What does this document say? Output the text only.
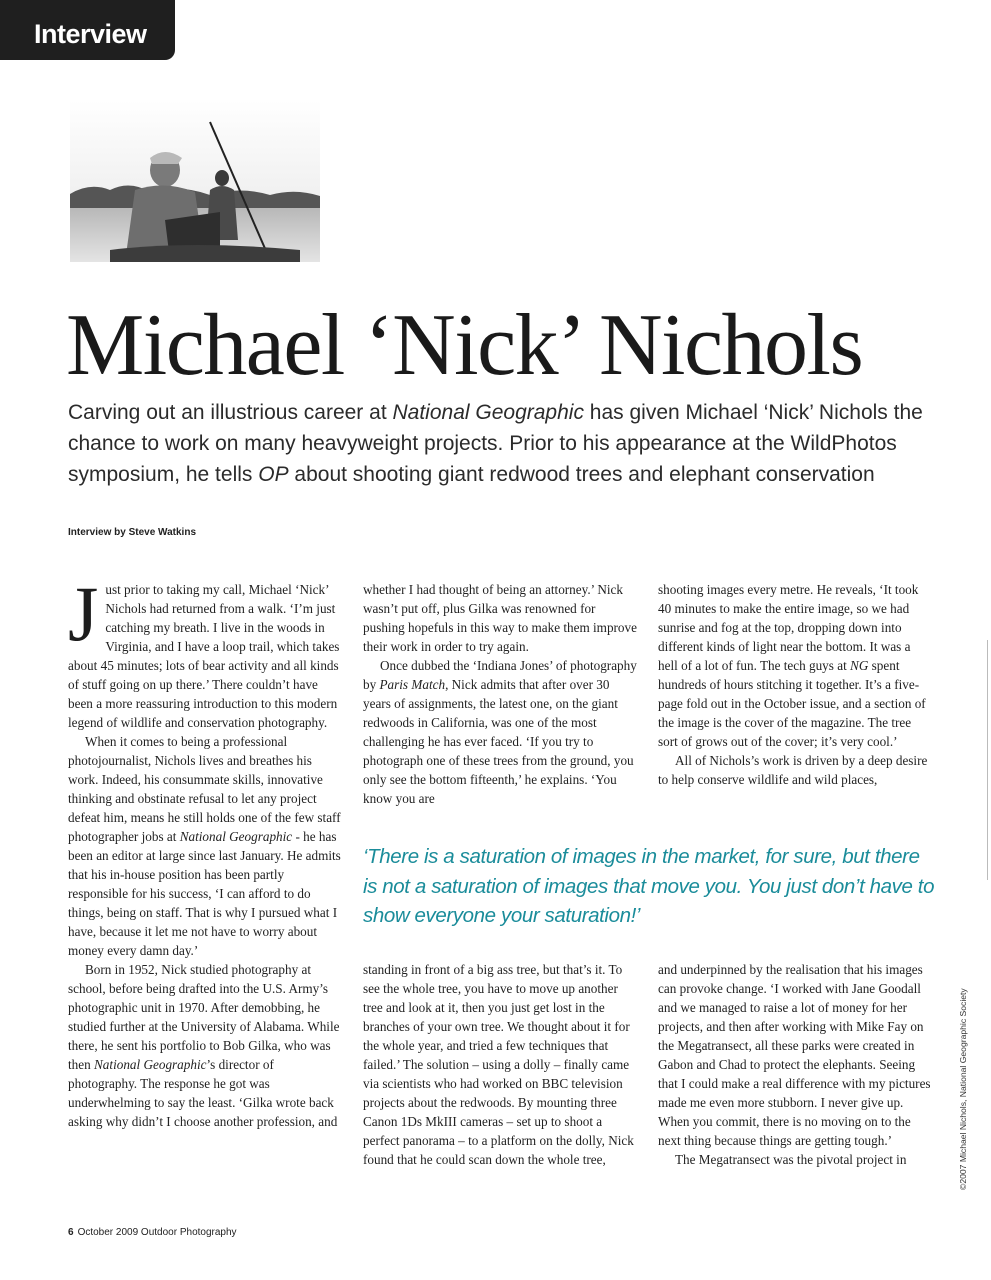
Interview
Michael ‘Nick’ Nichols

Carving out an illustrious career at National Geographic has given Michael ‘Nick’ Nichols the chance to work on many heavyweight projects. Prior to his appearance at the WildPhotos symposium, he tells OP about shooting giant redwood trees and elephant conservation

Interview by Steve Watkins

Just prior to taking my call, Michael ‘Nick’ Nichols had returned from a walk. ‘I’m just catching my breath. I live in the woods in Virginia, and I have a loop trail, which takes about 45 minutes; lots of bear activity and all kinds of stuff going on up there.’ There couldn’t have been a more reassuring introduction to this modern legend of wildlife and conservation photography.

When it comes to being a professional photojournalist, Nichols lives and breathes his work. Indeed, his consummate skills, innovative thinking and obstinate refusal to let any project defeat him, means he still holds one of the few staff photographer jobs at National Geographic - he has been an editor at large since last January. He admits that his in-house position has been partly responsible for his success, ‘I can afford to do things, being on staff. That is why I pursued what I have, because it let me not have to worry about money every damn day.’

Born in 1952, Nick studied photography at school, before being drafted into the U.S. Army’s photographic unit in 1970. After demobbing, he studied further at the University of Alabama. While there, he sent his portfolio to Bob Gilka, who was then National Geographic’s director of photography. The response he got was underwhelming to say the least. ‘Gilka wrote back asking why didn’t I choose another profession, and

whether I had thought of being an attorney.’ Nick wasn’t put off, plus Gilka was renowned for pushing hopefuls in this way to make them improve their work in order to try again.

Once dubbed the ‘Indiana Jones’ of photography by Paris Match, Nick admits that after over 30 years of assignments, the latest one, on the giant redwoods in California, was one of the most challenging he has ever faced. ‘If you try to photograph one of these trees from the ground, you only see the bottom fifteenth,’ he explains. ‘You know you are

shooting images every metre. He reveals, ‘It took 40 minutes to make the entire image, so we had sunrise and fog at the top, dropping down into different kinds of light near the bottom. It was a hell of a lot of fun. The tech guys at NG spent hundreds of hours stitching it together. It’s a five-page fold out in the October issue, and a section of the image is the cover of the magazine. The tree sort of grows out of the cover; it’s very cool.’

All of Nichols’s work is driven by a deep desire to help conserve wildlife and wild places,

‘There is a saturation of images in the market, for sure, but there is not a saturation of images that move you. You just don’t have to show everyone your saturation!’

standing in front of a big ass tree, but that’s it. To see the whole tree, you have to move up another tree and look at it, then you just get lost in the branches of your own tree. We thought about it for the whole year, and tried a few techniques that failed.’ The solution – using a dolly – finally came via scientists who had worked on BBC television projects about the redwoods. By mounting three Canon 1Ds MkIII cameras – set up to shoot a perfect panorama – to a platform on the dolly, Nick found that he could scan down the whole tree,

and underpinned by the realisation that his images can provoke change. ‘I worked with Jane Goodall and we managed to raise a lot of money for her projects, and then after working with Mike Fay on the Megatransect, all these parks were created in Gabon and Chad to protect the elephants. Seeing that I could make a real difference with my pictures made me even more stubborn. I never give up. When you commit, there is no moving on to the next thing because things are getting tough.’

The Megatransect was the pivotal project in	©2007 Michael Nichols, National Geographic Society

6 October 2009 Outdoor Photography
